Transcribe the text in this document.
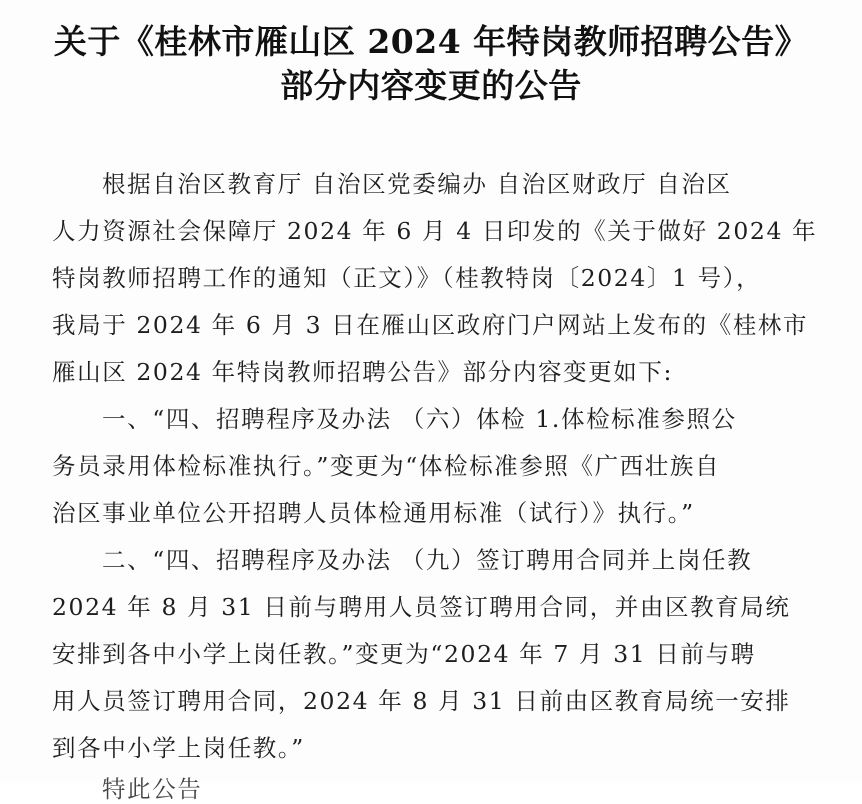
关于《桂林市雁山区 2024 年特岗教师招聘公告》
部分内容变更的公告
根据自治区教育厅 自治区党委编办 自治区财政厅 自治区
人力资源社会保障厅 2024 年 6 月 4 日印发的《关于做好 2024 年
特岗教师招聘工作的通知（正文）》（桂教特岗〔2024〕1 号），
我局于 2024 年 6 月 3 日在雁山区政府门户网站上发布的《桂林市
雁山区 2024 年特岗教师招聘公告》部分内容变更如下:
一、“四、招聘程序及办法 （六）体检 1.体检标准参照公
务员录用体检标准执行。”变更为“体检标准参照《广西壮族自
治区事业单位公开招聘人员体检通用标准（试行）》执行。”
二、“四、招聘程序及办法 （九）签订聘用合同并上岗任教
2024 年 8 月 31 日前与聘用人员签订聘用合同，并由区教育局统
安排到各中小学上岗任教。”变更为“2024 年 7 月 31 日前与聘
用人员签订聘用合同，2024 年 8 月 31 日前由区教育局统一安排
到各中小学上岗任教。”
特此公告
